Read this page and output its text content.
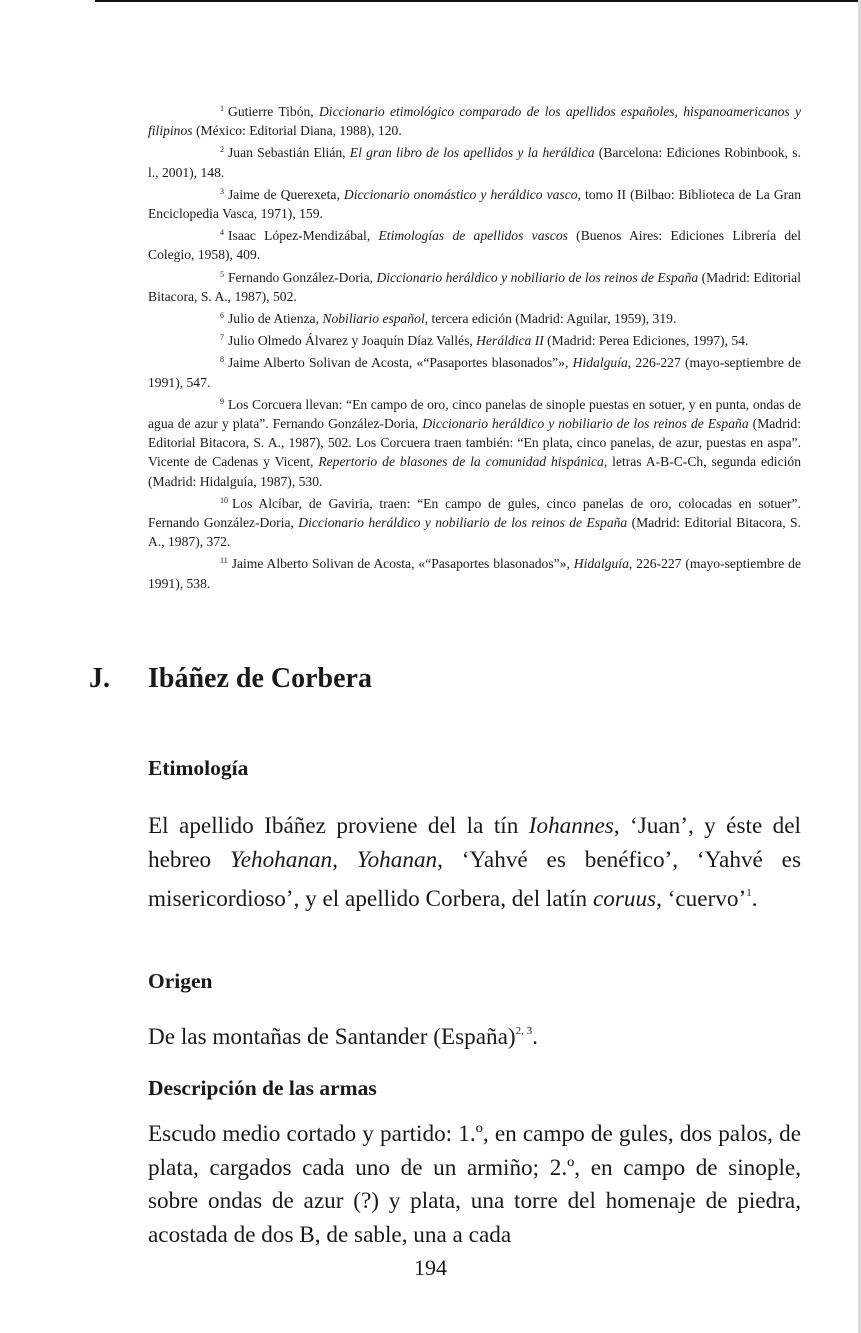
$^1$ Gutierre Tibón, Diccionario etimológico comparado de los apellidos españoles, hispanoamericanos y filipinos (México: Editorial Diana, 1988), 120.

$^2$ Juan Sebastián Elián, El gran libro de los apellidos y la heráldica (Barcelona: Ediciones Robinbook, s. l., 2001), 148.

$^3$ Jaime de Querexeta, Diccionario onomástico y heráldico vasco, tomo II (Bilbao: Biblioteca de La Gran Enciclopedia Vasca, 1971), 159.

$^4$ Isaac López-Mendizábal, Etimologías de apellidos vascos (Buenos Aires: Ediciones Librería del Colegio, 1958), 409.

$^5$ Fernando González-Doria, Diccionario heráldico y nobiliario de los reinos de España (Madrid: Editorial Bitacora, S. A., 1987), 502.

$^6$ Julio de Atienza, Nobiliario español, tercera edición (Madrid: Aguilar, 1959), 319.

$^7$ Julio Olmedo Álvarez y Joaquín Díaz Vallés, Heráldica II (Madrid: Perea Ediciones, 1997), 54.

$^8$ Jaime Alberto Solivan de Acosta, «“Pasaportes blasonados”», Hidalguía, 226-227 (mayo-septiembre de 1991), 547.

$^9$ Los Corcuera llevan: “En campo de oro, cinco panelas de sinople puestas en sotuer, y en punta, ondas de agua de azur y plata”. Fernando González-Doria, Diccionario heráldico y nobiliario de los reinos de España (Madrid: Editorial Bitacora, S. A., 1987), 502. Los Corcuera traen también: “En plata, cinco panelas, de azur, puestas en aspa”. Vicente de Cadenas y Vicent, Repertorio de blasones de la comunidad hispánica, letras A-B-C-Ch, segunda edición (Madrid: Hidalguía, 1987), 530.

$^{10}$ Los Alcíbar, de Gaviria, traen: “En campo de gules, cinco panelas de oro, colocadas en sotuer”. Fernando González-Doria, Diccionario heráldico y nobiliario de los reinos de España (Madrid: Editorial Bitacora, S. A., 1987), 372.

$^{11}$ Jaime Alberto Solivan de Acosta, «“Pasaportes blasonados”», Hidalguía, 226-227 (mayo-septiembre de 1991), 538.

J. Ibáñez de Corbera
Etimología

El apellido Ibáñez proviene del la tín Iohannes, ‘Juan’, y éste del hebreo Yehohanan, Yohanan, ‘Yahvé es benéfico’, ‘Yahvé es misericordioso’, y el apellido Corbera, del latín coruus, ‘cuervo’$^1$.

Origen

De las montañas de Santander (España)$^{2, 3}$.

Descripción de las armas

Escudo medio cortado y partido: 1.º, en campo de gules, dos palos, de plata, cargados cada uno de un armiño; 2.º, en campo de sinople, sobre ondas de azur (?) y plata, una torre del homenaje de piedra, acostada de dos B, de sable, una a cada

194
